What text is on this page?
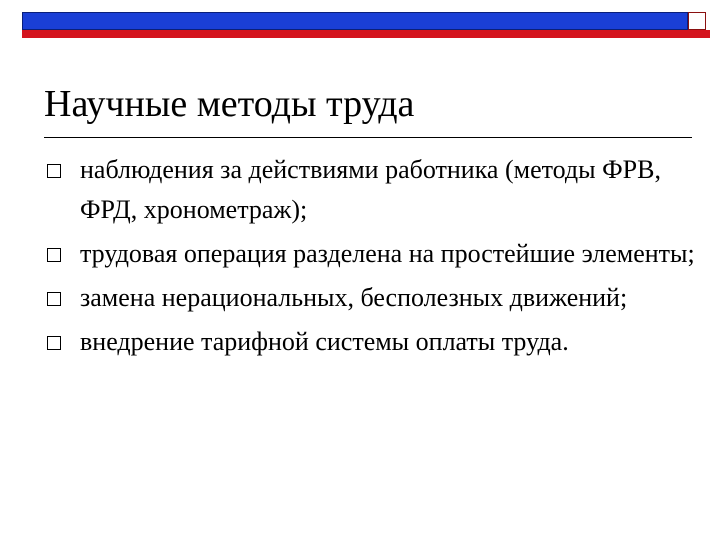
Научные методы труда
наблюдения за действиями работника (методы ФРВ, ФРД, хронометраж);
трудовая операция разделена на простейшие элементы;
замена нерациональных, бесполезных движений;
внедрение тарифной системы оплаты труда.
